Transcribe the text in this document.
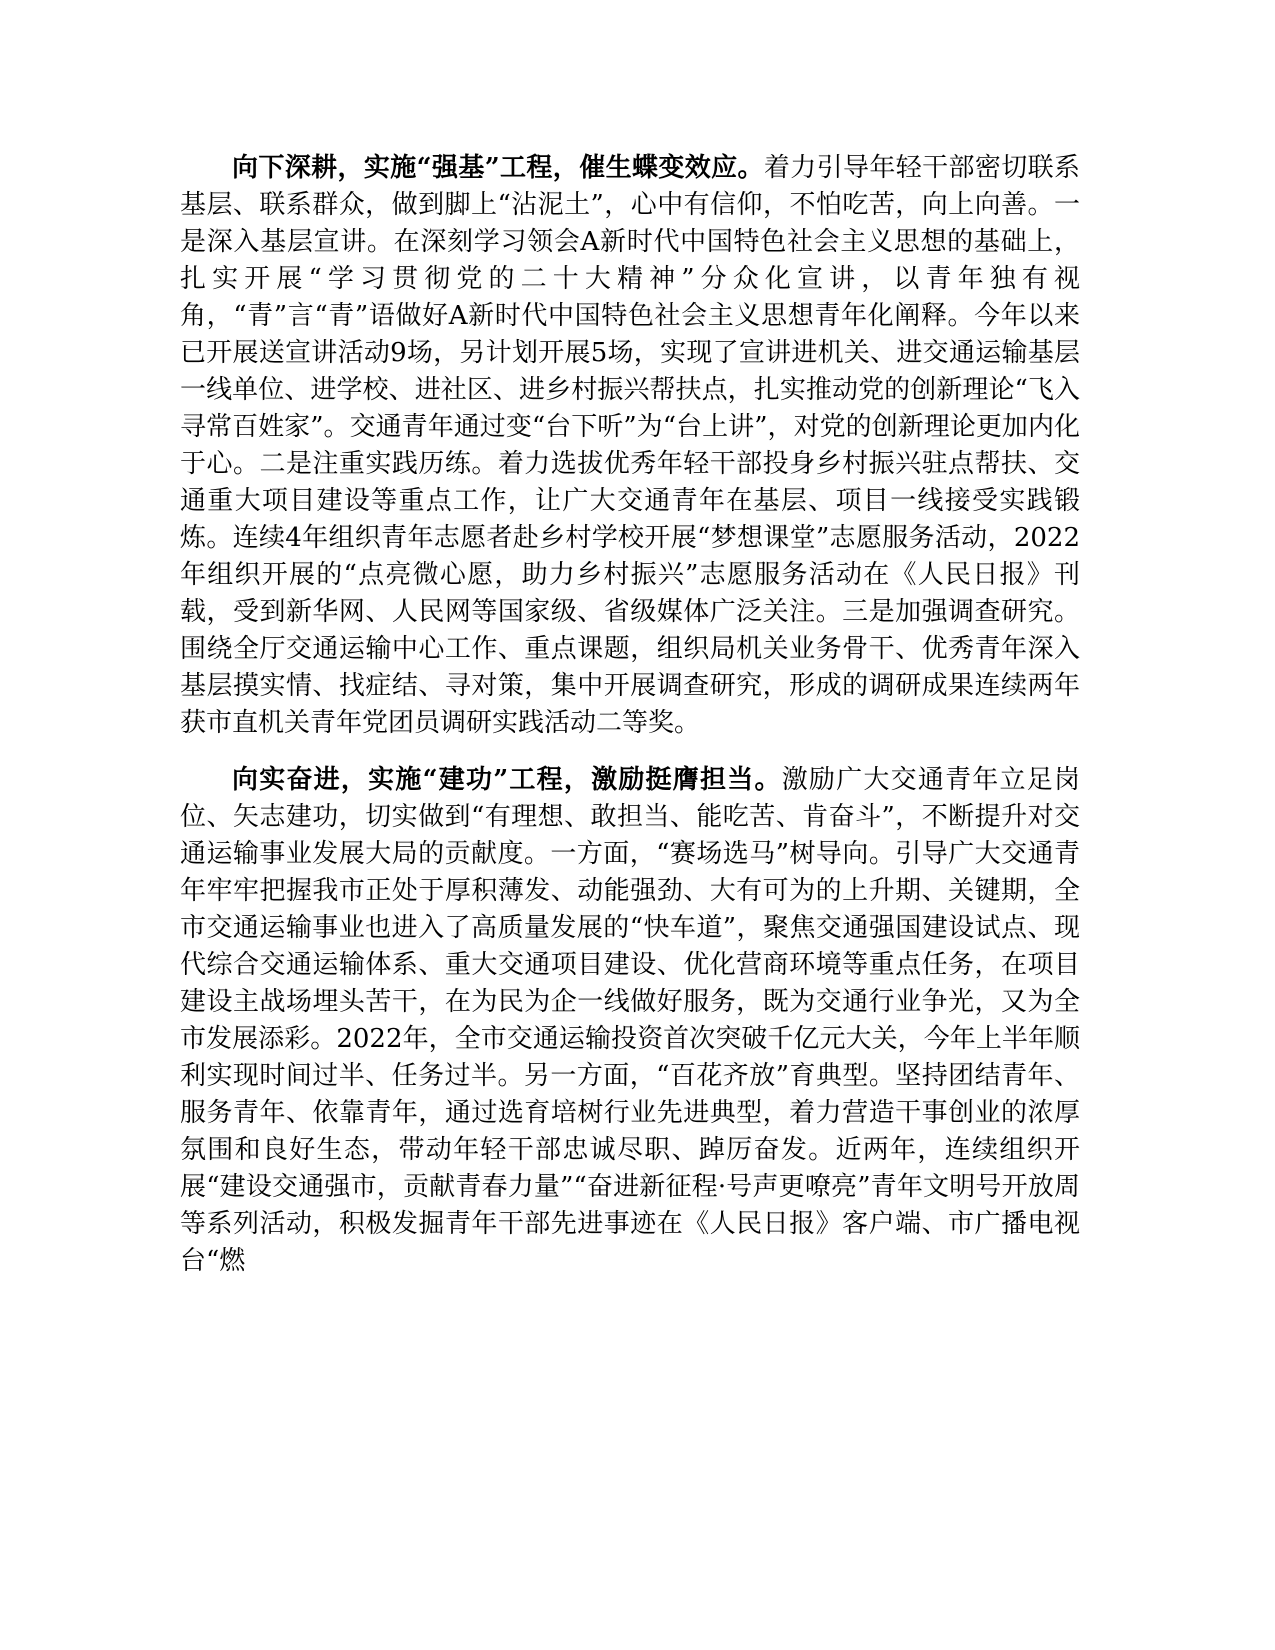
向下深耕，实施“强基”工程，催生蝶变效应。着力引导年轻干部密切联系基层、联系群众，做到脚上“沾泥土”，心中有信仰，不怕吃苦，向上向善。一是深入基层宣讲。在深刻学习领会A新时代中国特色社会主义思想的基础上，扎实开展“学习贯彻党的二十大精神”分众化宣讲，以青年独有视角，“青”言“青”语做好A新时代中国特色社会主义思想青年化阐释。今年以来已开展送宣讲活动9场，另计划开展5场，实现了宣讲进机关、进交通运输基层一线单位、进学校、进社区、进乡村振兴帮扶点，扎实推动党的创新理论“飞入寻常百姓家”。交通青年通过变“台下听”为“台上讲”，对党的创新理论更加内化于心。二是注重实践历练。着力选拔优秀年轻干部投身乡村振兴驻点帮扶、交通重大项目建设等重点工作，让广大交通青年在基层、项目一线接受实践锻炼。连续4年组织青年志愿者赴乡村学校开展“梦想课堂”志愿服务活动，2022年组织开展的“点亮微心愿，助力乡村振兴”志愿服务活动在《人民日报》刊载，受到新华网、人民网等国家级、省级媒体广泛关注。三是加强调查研究。围绕全厅交通运输中心工作、重点课题，组织局机关业务骨干、优秀青年深入基层摸实情、找症结、寻对策，集中开展调查研究，形成的调研成果连续两年获市直机关青年党团员调研实践活动二等奖。

向实奋进，实施“建功”工程，激励挺膺担当。激励广大交通青年立足岗位、矢志建功，切实做到“有理想、敢担当、能吃苦、肯奋斗”，不断提升对交通运输事业发展大局的贡献度。一方面，“赛场选马”树导向。引导广大交通青年牢牢把握我市正处于厚积薄发、动能强劲、大有可为的上升期、关键期，全市交通运输事业也进入了高质量发展的“快车道”，聚焦交通强国建设试点、现代综合交通运输体系、重大交通项目建设、优化营商环境等重点任务，在项目建设主战场埋头苦干，在为民为企一线做好服务，既为交通行业争光，又为全市发展添彩。2022年，全市交通运输投资首次突破千亿元大关，今年上半年顺利实现时间过半、任务过半。另一方面，“百花齐放”育典型。坚持团结青年、服务青年、依靠青年，通过选育培树行业先进典型，着力营造干事创业的浓厚氛围和良好生态，带动年轻干部忠诚尽职、踔厉奋发。近两年，连续组织开展“建设交通强市，贡献青春力量”“奋进新征程·号声更嘹亮”青年文明号开放周等系列活动，积极发掘青年干部先进事迹在《人民日报》客户端、市广播电视台“燃
